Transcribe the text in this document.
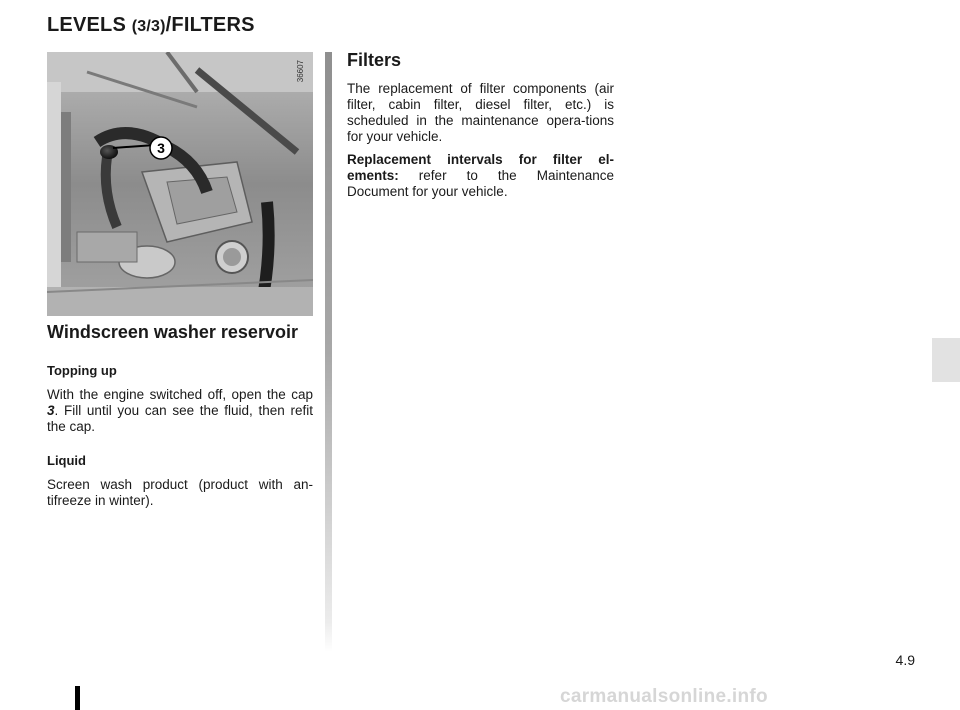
LEVELS (3/3)/FILTERS
3
36607
Windscreen washer reservoir
Topping up

With the engine switched off, open the cap 3. Fill until you can see the fluid, then refit the cap.

Liquid

Screen wash product (product with an-tifreeze in winter).

Filters

The replacement of filter components (air filter, cabin filter, diesel filter, etc.) is scheduled in the maintenance opera-tions for your vehicle.

Replacement intervals for filter el-ements: refer to the Maintenance Document for your vehicle.

4.9
carmanualsonline.info
